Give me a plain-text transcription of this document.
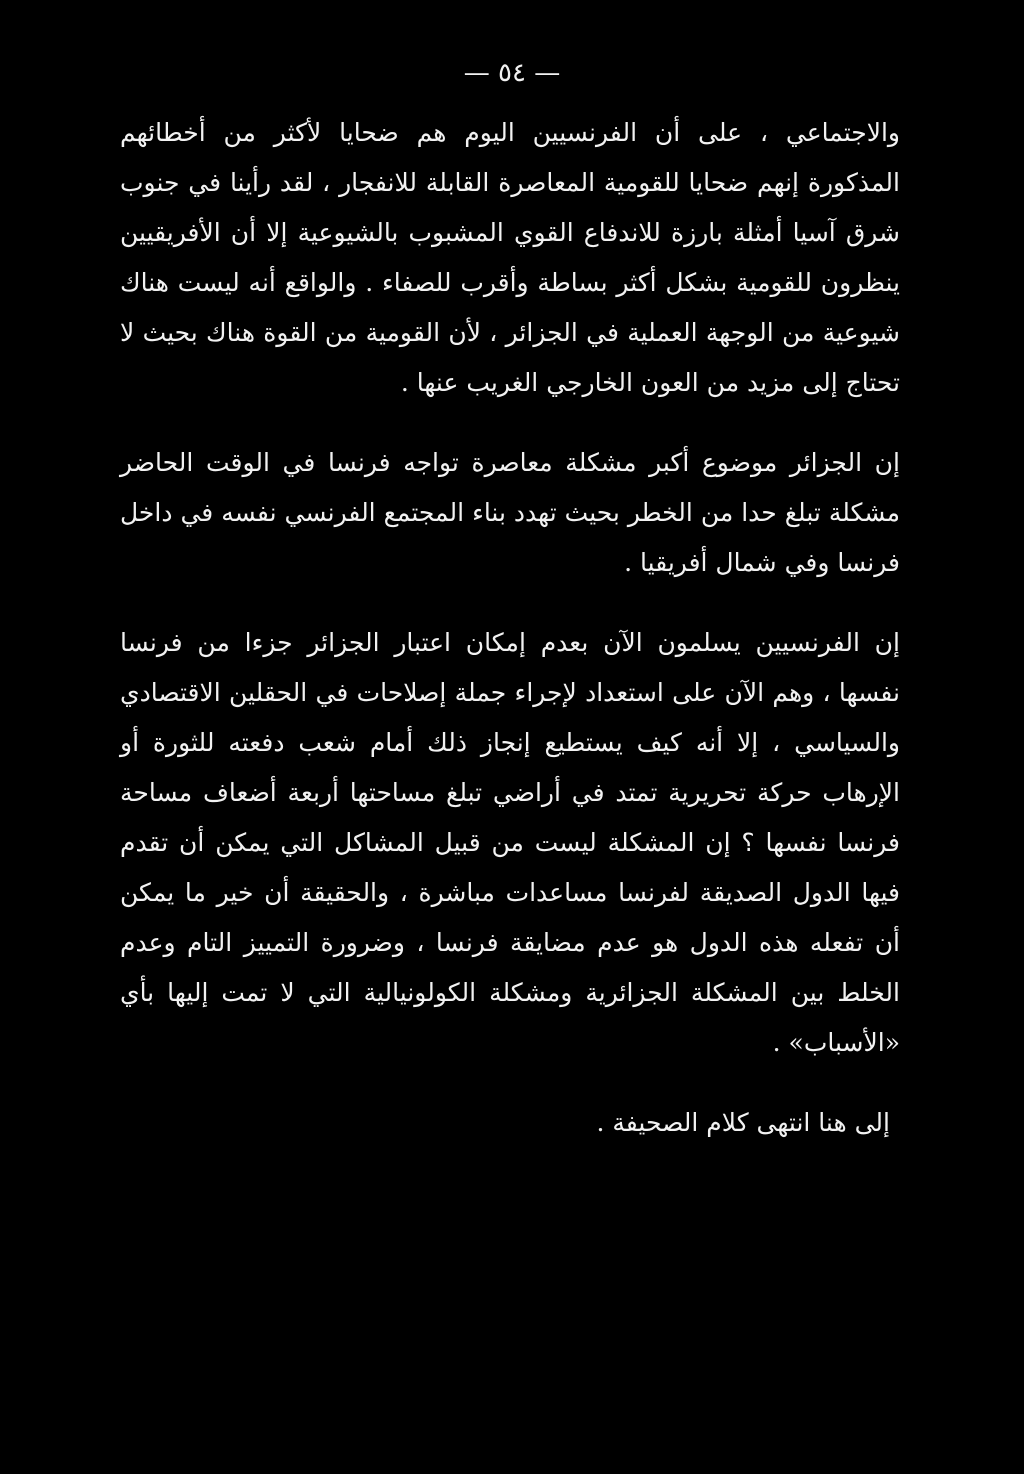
— ٥٤ —

والاجتماعي ، على أن الفرنسيين اليوم هم ضحايا لأكثر من أخطائهم المذكورة إنهم ضحايا للقومية المعاصرة القابلة للانفجار ، لقد رأينا في جنوب شرق آسيا أمثلة بارزة للاندفاع القوي المشبوب بالشيوعية إلا أن الأفريقيين ينظرون للقومية بشكل أكثر بساطة وأقرب للصفاء . والواقع أنه ليست هناك شيوعية من الوجهة العملية في الجزائر ، لأن القومية من القوة هناك بحيث لا تحتاج إلى مزيد من العون الخارجي الغريب عنها .

إن الجزائر موضوع أكبر مشكلة معاصرة تواجه فرنسا في الوقت الحاضر مشكلة تبلغ حدا من الخطر بحيث تهدد بناء المجتمع الفرنسي نفسه في داخل فرنسا وفي شمال أفريقيا .

إن الفرنسيين يسلمون الآن بعدم إمكان اعتبار الجزائر جزءا من فرنسا نفسها ، وهم الآن على استعداد لإجراء جملة إصلاحات في الحقلين الاقتصادي والسياسي ، إلا أنه كيف يستطيع إنجاز ذلك أمام شعب دفعته للثورة أو الإرهاب حركة تحريرية تمتد في أراضي تبلغ مساحتها أربعة أضعاف مساحة فرنسا نفسها ؟ إن المشكلة ليست من قبيل المشاكل التي يمكن أن تقدم فيها الدول الصديقة لفرنسا مساعدات مباشرة ، والحقيقة أن خير ما يمكن أن تفعله هذه الدول هو عدم مضايقة فرنسا ، وضرورة التمييز التام وعدم الخلط بين المشكلة الجزائرية ومشكلة الكولونيالية التي لا تمت إليها بأي «الأسباب» .

إلى هنا انتهى كلام الصحيفة .
